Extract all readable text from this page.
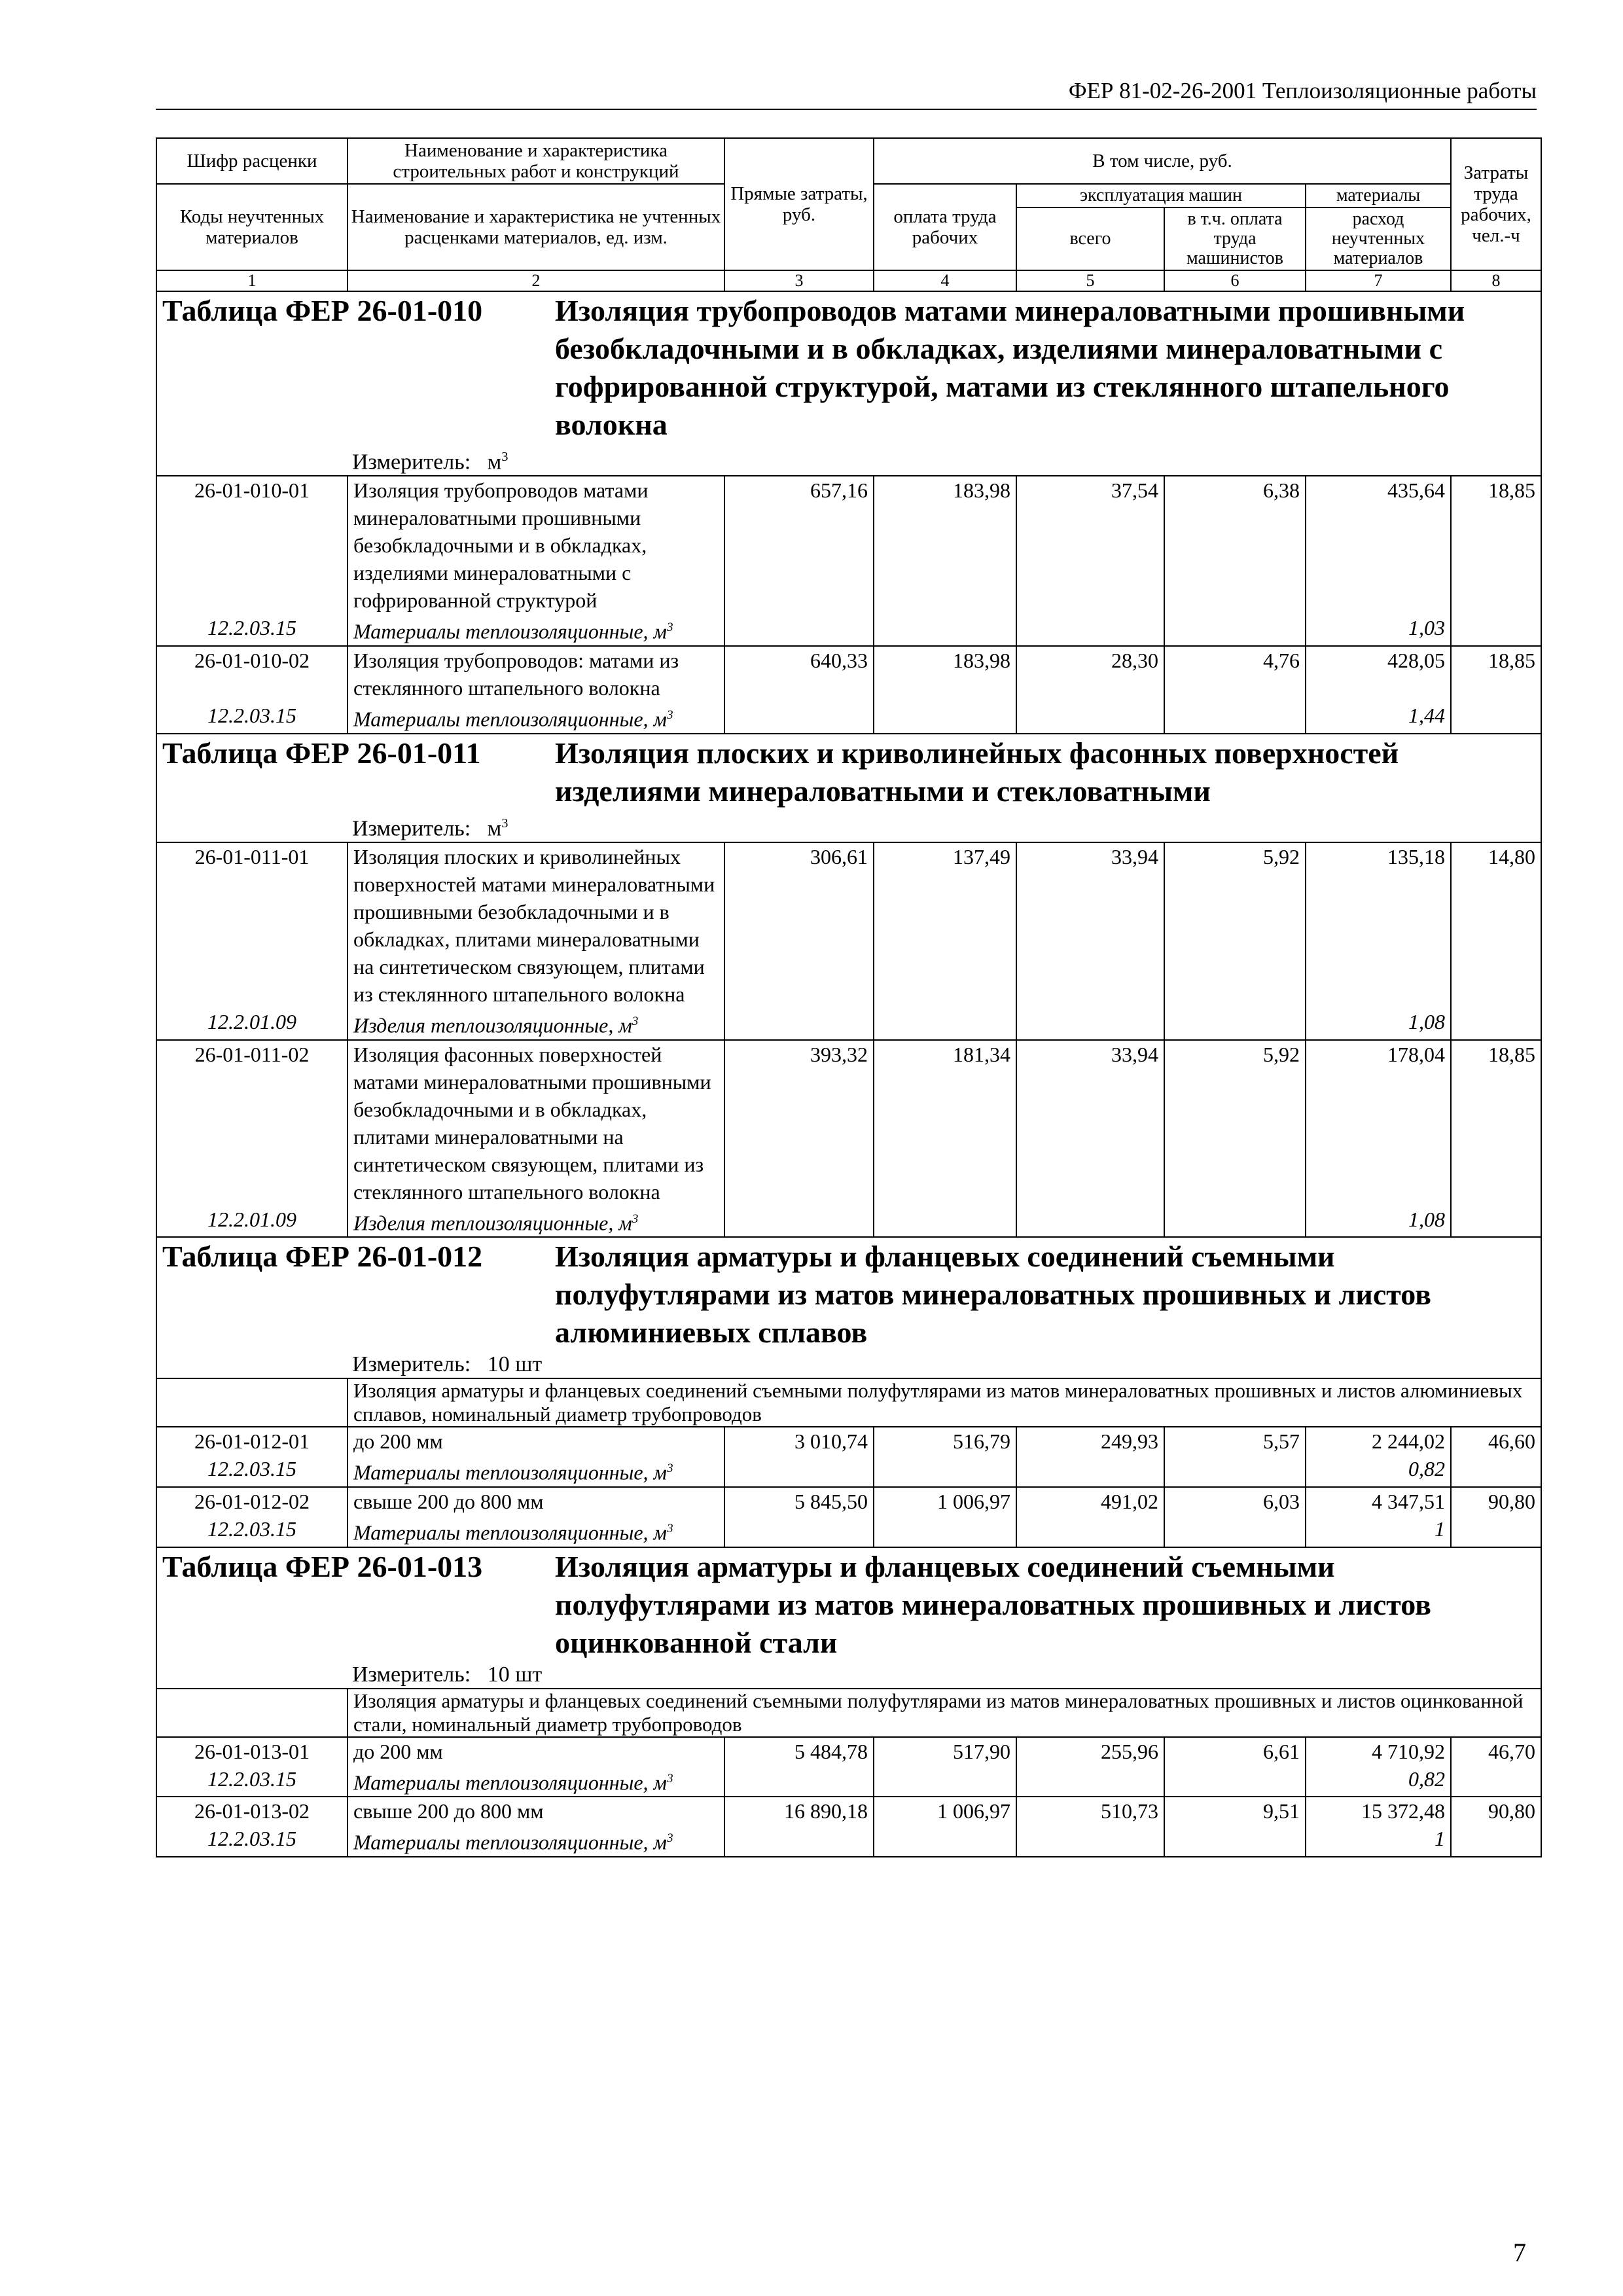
ФЕР 81-02-26-2001 Теплоизоляционные работы
Шифр расценки	Наименование и характеристика строительных работ и конструкций	Прямые затраты, руб.	В том числе, руб.				Затраты труда рабочих, чел.-ч
Коды неучтенных материалов	Наименование и характеристика не учтенных расценками материалов, ед. изм.		оплата труда рабочих	эксплуатация машин		материалы	
				всего	в т.ч. оплата труда машинистов	расход неучтенных материалов	
1	2	3	4	5	6	7	8

Таблица ФЕР 26-01-010 Изоляция трубопроводов матами минераловатными прошивными безобкладочными и в обкладках, изделиями минераловатными с гофрированной структурой, матами из стеклянного штапельного волокна
Измеритель: $м^3$

26-01-010-01	Изоляция трубопроводов матами минераловатными прошивными безобкладочными и в обкладках, изделиями минераловатными с гофрированной структурой	657,16	183,98	37,54	6,38	435,64	18,85
12.2.03.15	Материалы теплоизоляционные, $м^3$					1,03	
26-01-010-02	Изоляция трубопроводов: матами из стеклянного штапельного волокна	640,33	183,98	28,30	4,76	428,05	18,85
12.2.03.15	Материалы теплоизоляционные, $м^3$					1,44	

Таблица ФЕР 26-01-011 Изоляция плоских и криволинейных фасонных поверхностей изделиями минераловатными и стекловатными
Измеритель: $м^3$

26-01-011-01	Изоляция плоских и криволинейных поверхностей матами минераловатными прошивными безобкладочными и в обкладках, плитами минераловатными на синтетическом связующем, плитами из стеклянного штапельного волокна	306,61	137,49	33,94	5,92	135,18	14,80
12.2.01.09	Изделия теплоизоляционные, $м^3$					1,08	
26-01-011-02	Изоляция фасонных поверхностей матами минераловатными прошивными безобкладочными и в обкладках, плитами минераловатными на синтетическом связующем, плитами из стеклянного штапельного волокна	393,32	181,34	33,94	5,92	178,04	18,85
12.2.01.09	Изделия теплоизоляционные, $м^3$					1,08	

Таблица ФЕР 26-01-012 Изоляция арматуры и фланцевых соединений съемными полуфутлярами из матов минераловатных прошивных и листов алюминиевых сплавов
Измеритель: 10 шт							

	Изоляция арматуры и фланцевых соединений съемными полуфутлярами из матов минераловатных прошивных и листов алюминиевых сплавов, номинальный диаметр трубопроводов						
26-01-012-01	до 200 мм	3 010,74	516,79	249,93	5,57	2 244,02	46,60
12.2.03.15	Материалы теплоизоляционные, $м^3$					0,82	
26-01-012-02	свыше 200 до 800 мм	5 845,50	1 006,97	491,02	6,03	4 347,51	90,80
12.2.03.15	Материалы теплоизоляционные, $м^3$					1	

Таблица ФЕР 26-01-013 Изоляция арматуры и фланцевых соединений съемными полуфутлярами из матов минераловатных прошивных и листов оцинкованной стали
Измеритель: 10 шт							

	Изоляция арматуры и фланцевых соединений съемными полуфутлярами из матов минераловатных прошивных и листов оцинкованной стали, номинальный диаметр трубопроводов						
26-01-013-01	до 200 мм	5 484,78	517,90	255,96	6,61	4 710,92	46,70
12.2.03.15	Материалы теплоизоляционные, $м^3$					0,82	
26-01-013-02	свыше 200 до 800 мм	16 890,18	1 006,97	510,73	9,51	15 372,48	90,80
12.2.03.15	Материалы теплоизоляционные, $м^3$					1	
7
